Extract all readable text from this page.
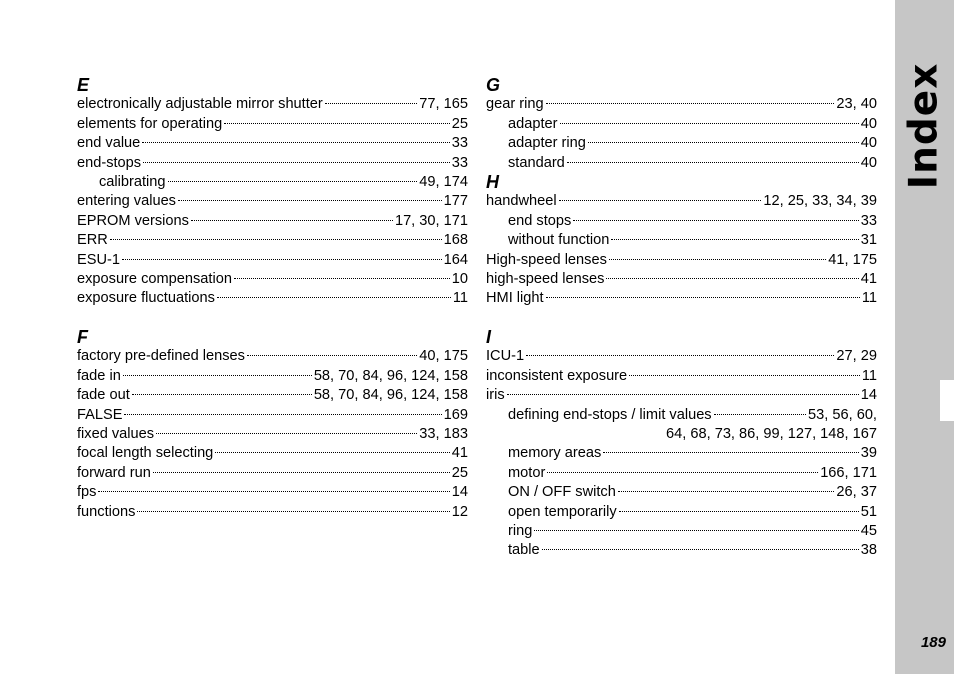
Index
E
electronically adjustable mirror shutter	77, 165
elements for operating	25
end value	33
end-stops	33
calibrating	49, 174
entering values	177
EPROM versions	17, 30, 171
ERR	168
ESU-1	164
exposure compensation	10
exposure fluctuations	11
F
factory pre-defined lenses	40, 175
fade in	58, 70, 84, 96, 124, 158
fade out	58, 70, 84, 96, 124, 158
FALSE	169
fixed values	33, 183
focal length selecting	41
forward run	25
fps	14
functions	12
G
gear ring	23, 40
adapter	40
adapter ring	40
standard	40
H
handwheel	12, 25, 33, 34, 39
end stops	33
without function	31
High-speed lenses	41, 175
high-speed lenses	41
HMI light	11
I
ICU-1	27, 29
inconsistent exposure	11
iris	14
defining end-stops / limit values	53, 56, 60,
64, 68, 73, 86, 99, 127, 148, 167
memory areas	39
motor	166, 171
ON / OFF switch	26, 37
open temporarily	51
ring	45
table	38
189
